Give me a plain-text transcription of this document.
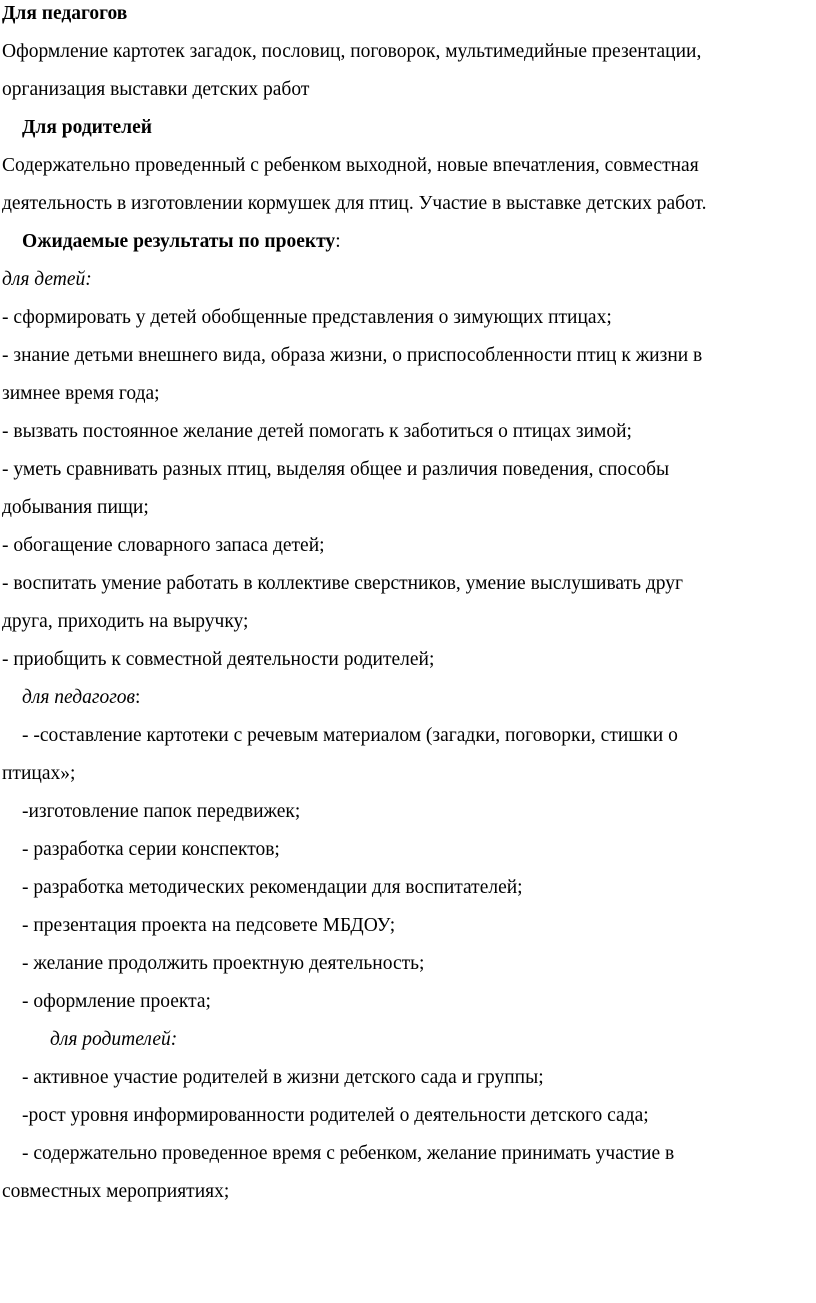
Для педагогов
Оформление картотек загадок, пословиц, поговорок, мультимедийные презентации,
организация выставки детских работ
Для родителей
Содержательно проведенный с ребенком выходной, новые впечатления, совместная
деятельность в изготовлении кормушек для птиц. Участие в выставке детских работ.
Ожидаемые результаты по проекту:
для детей:
- сформировать у детей обобщенные представления о зимующих птицах;
- знание детьми внешнего вида, образа жизни, о приспособленности птиц к жизни в
зимнее время года;
- вызвать постоянное желание детей помогать к заботиться о птицах зимой;
- уметь сравнивать разных птиц, выделяя общее и различия поведения, способы
добывания пищи;
- обогащение словарного запаса детей;
- воспитать умение работать в коллективе сверстников, умение выслушивать друг
друга, приходить на выручку;
- приобщить к совместной деятельности родителей;
для педагогов:
- -составление картотеки с речевым материалом (загадки, поговорки, стишки о
птицах»;
-изготовление папок передвижек;
- разработка серии конспектов;
- разработка методических рекомендации для воспитателей;
- презентация проекта на педсовете МБДОУ;
- желание продолжить проектную деятельность;
- оформление проекта;
для родителей:
- активное участие родителей в жизни детского сада и группы;
-рост уровня информированности родителей о деятельности детского сада;
- содержательно проведенное время с ребенком, желание принимать участие в
совместных мероприятиях;
